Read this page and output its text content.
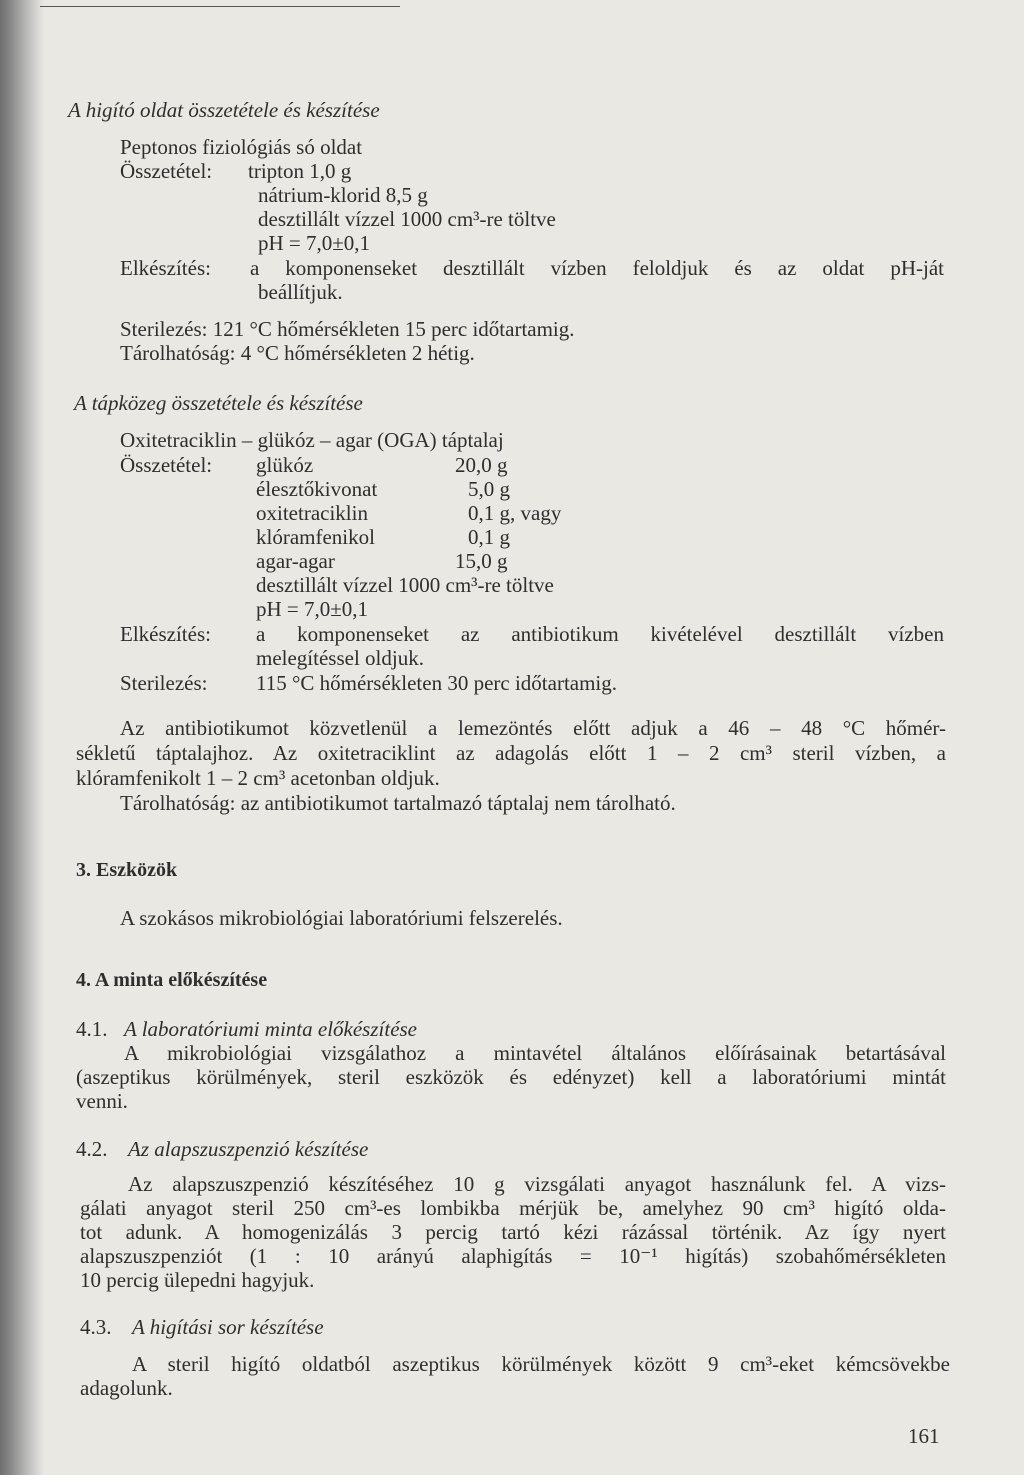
A higító oldat összetétele és készítése
Peptonos fiziológiás só oldat
Összetétel: tripton 1,0 g
nátrium-klorid 8,5 g
desztillált vízzel 1000 cm³-re töltve
pH = 7,0±0,1
Elkészítés: a komponenseket desztillált vízben feloldjuk és az oldat pH-ját
beállítjuk.
Sterilezés: 121 °C hőmérsékleten 15 perc időtartamig.
Tárolhatóság: 4 °C hőmérsékleten 2 hétig.
A tápközeg összetétele és készítése
Oxitetraciklin – glükóz – agar (OGA) táptalaj
Összetétel: glükóz	20,0 g
élesztőkivonat	5,0 g
oxitetraciklin	0,1 g, vagy
klóramfenikol	0,1 g
agar-agar	15,0 g
desztillált vízzel 1000 cm³-re töltve
pH = 7,0±0,1
Elkészítés: a komponenseket az antibiotikum kivételével desztillált vízben
melegítéssel oldjuk.
Sterilezés: 115 °C hőmérsékleten 30 perc időtartamig.
Az antibiotikumot közvetlenül a lemezöntés előtt adjuk a 46 – 48 °C hőmér-
sékletű táptalajhoz. Az oxitetraciklint az adagolás előtt 1 – 2 cm³ steril vízben, a
klóramfenikolt 1 – 2 cm³ acetonban oldjuk.
Tárolhatóság: az antibiotikumot tartalmazó táptalaj nem tárolható.
3. Eszközök
A szokásos mikrobiológiai laboratóriumi felszerelés.
4. A minta előkészítése
4.1. A laboratóriumi minta előkészítése
A mikrobiológiai vizsgálathoz a mintavétel általános előírásainak betartásával
(aszeptikus körülmények, steril eszközök és edényzet) kell a laboratóriumi mintát
venni.
4.2. Az alapszuszpenzió készítése
Az alapszuszpenzió készítéséhez 10 g vizsgálati anyagot használunk fel. A vizs-
gálati anyagot steril 250 cm³-es lombikba mérjük be, amelyhez 90 cm³ higító olda-
tot adunk. A homogenizálás 3 percig tartó kézi rázással történik. Az így nyert
alapszuszpenziót (1 : 10 arányú alaphigítás = 10⁻¹ higítás) szobahőmérsékleten
10 percig ülepedni hagyjuk.
4.3. A higítási sor készítése
A steril higító oldatból aszeptikus körülmények között 9 cm³-eket kémcsövekbe
adagolunk.
161
